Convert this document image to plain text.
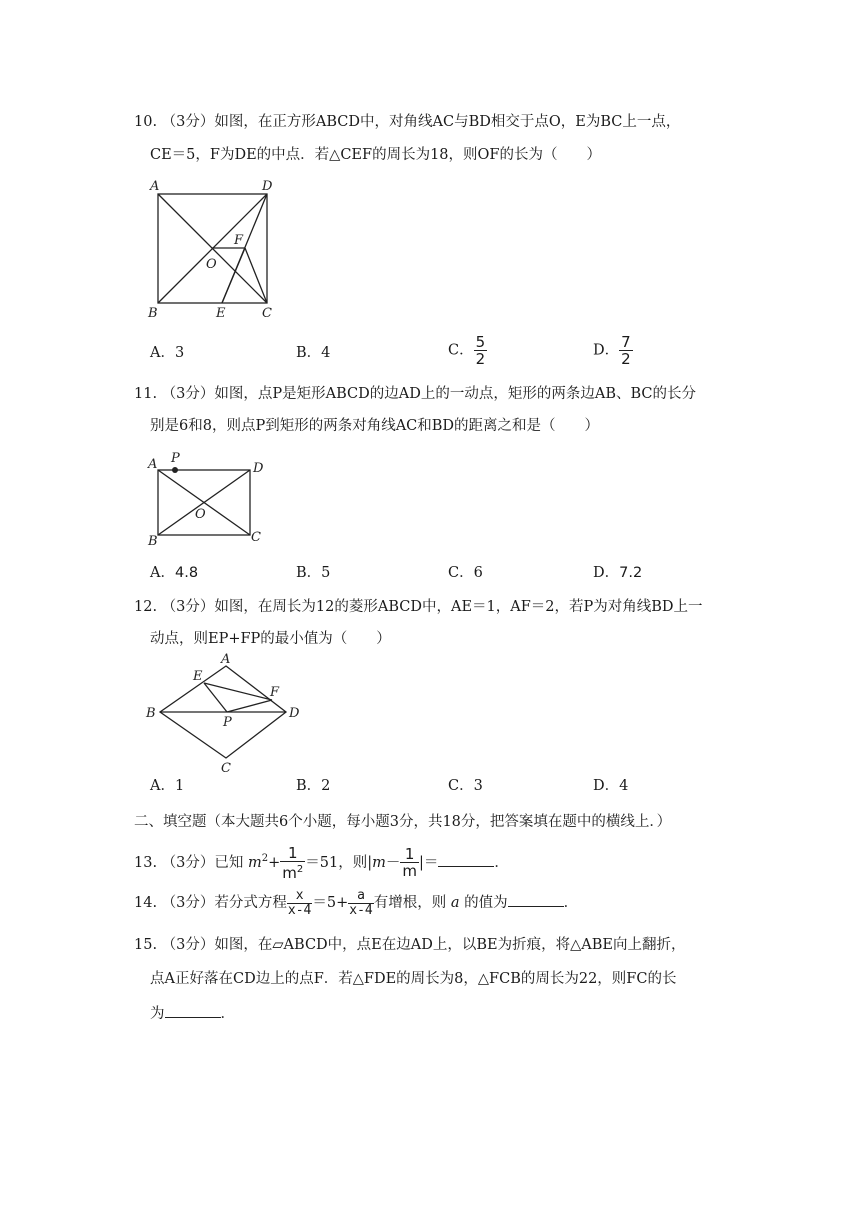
10. （3分）如图，在正方形ABCD中，对角线AC与BD相交于点O，E为BC上一点，
CE＝5，F为DE的中点．若△CEF的周长为18，则OF的长为（　　）
A	D
B	E	C
F
O
A．3	B．4	C． $\frac{5}{2}$	D． $\frac{7}{2}$
11. （3分）如图，点P是矩形ABCD的边AD上的一动点，矩形的两条边AB、BC的长分
别是6和8，则点P到矩形的两条对角线AC和BD的距离之和是（　　）
A P
D
O
B	C
A．4.8	B．5	C．6	D．7.2
12. （3分）如图，在周长为12的菱形ABCD中，AE＝1，AF＝2，若P为对角线BD上一
动点，则EP+FP的最小值为（　　）
A
E
F
B
P
D
C
A．1	B．2	C．3	D．4
二、填空题（本大题共6个小题，每小题3分，共18分，把答案填在题中的横线上．）
13. （3分）已知 $m^2+ \frac{1}{m^2} =51$，则$|m- \frac{1}{m}$ |＝	．
14. （3分）若分式方程 $\frac{x}{x-4} =5+ \frac{a}{x-4}$ 有增根，则 a 的值为	．
15. （3分）如图，在▱ABCD中，点E在边AD上，以BE为折痕，将△ABE向上翻折，
点A正好落在CD边上的点F．若△FDE的周长为8，△FCB的周长为22，则FC的长
为	．
